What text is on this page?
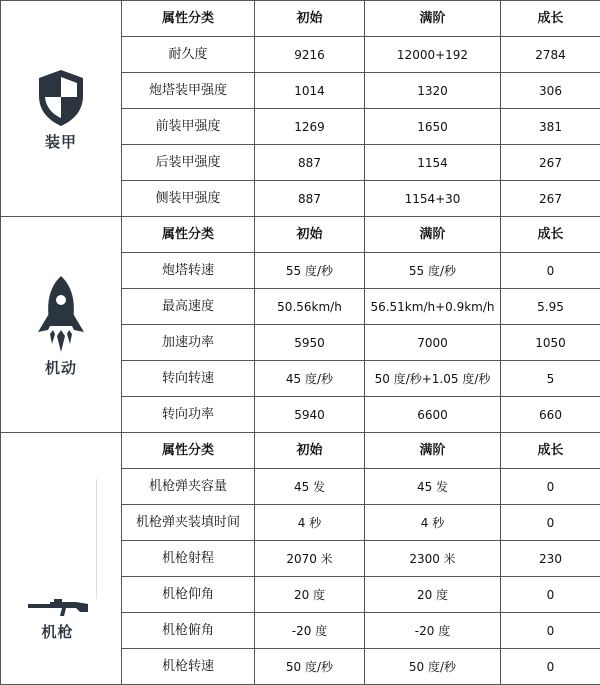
装甲	属性分类	初始	满阶	成长
	耐久度	9216	12000+192	2784
	炮塔装甲强度	1014	1320	306
	前装甲强度	1269	1650	381
	后装甲强度	887	1154	267
	侧装甲强度	887	1154+30	267

机动	属性分类	初始	满阶	成长
	炮塔转速	55 度/秒	55 度/秒	0
	最高速度	50.56km/h	56.51km/h+0.9km/h	5.95
	加速功率	5950	7000	1050
	转向转速	45 度/秒	50 度/秒+1.05 度/秒	5
	转向功率	5940	6600	660

机枪	属性分类	初始	满阶	成长
	机枪弹夹容量	45 发	45 发	0
	机枪弹夹装填时间	4 秒	4 秒	0
	机枪射程	2070 米	2300 米	230
	机枪仰角	20 度	20 度	0
	机枪俯角	-20 度	-20 度	0
	机枪转速	50 度/秒	50 度/秒	0
